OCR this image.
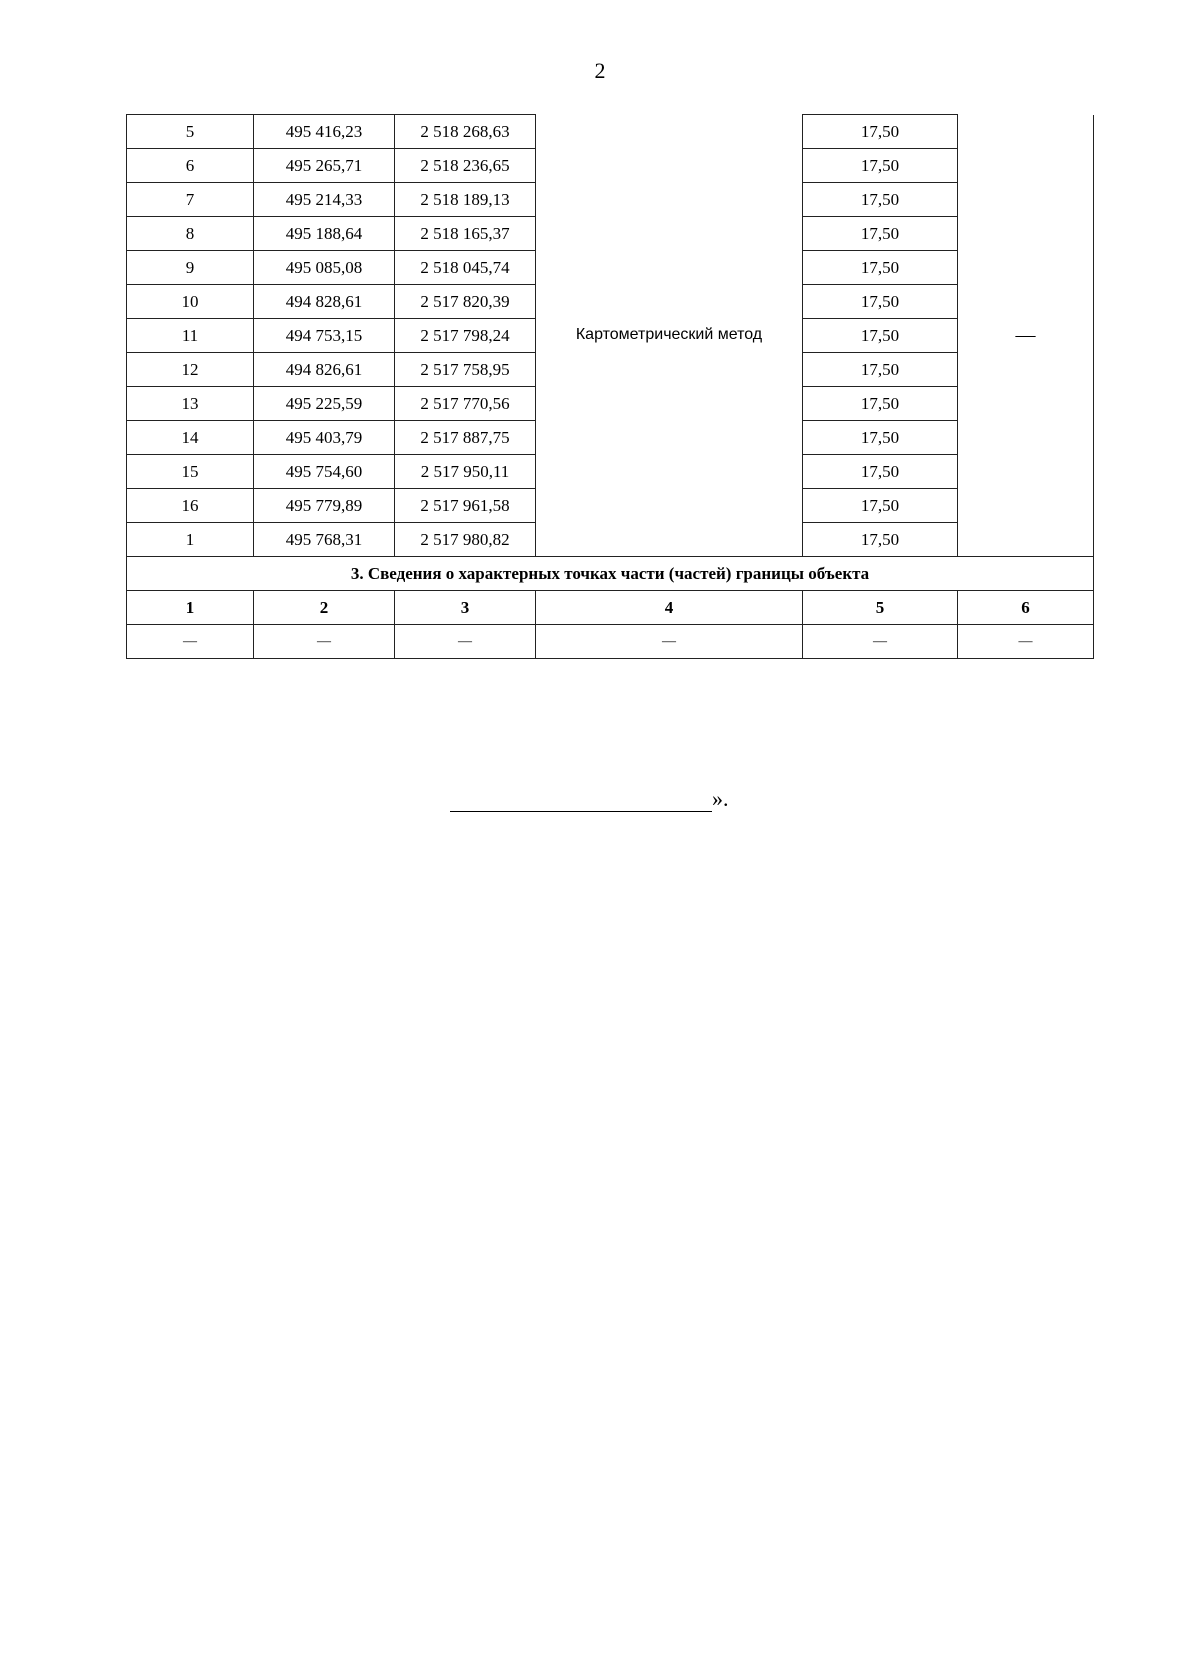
2
5	495 416,23	2 518 268,63	Картометрический метод	17,50	—
6	495 265,71	2 518 236,65		17,50	
7	495 214,33	2 518 189,13		17,50	
8	495 188,64	2 518 165,37		17,50	
9	495 085,08	2 518 045,74		17,50	
10	494 828,61	2 517 820,39		17,50	
11	494 753,15	2 517 798,24		17,50	
12	494 826,61	2 517 758,95		17,50	
13	495 225,59	2 517 770,56		17,50	
14	495 403,79	2 517 887,75		17,50	
15	495 754,60	2 517 950,11		17,50	
16	495 779,89	2 517 961,58		17,50	
1	495 768,31	2 517 980,82		17,50	
3. Сведения о характерных точках части (частей) границы объекта					
1	2	3	4	5	6
—	—	—	—	—	—
».
